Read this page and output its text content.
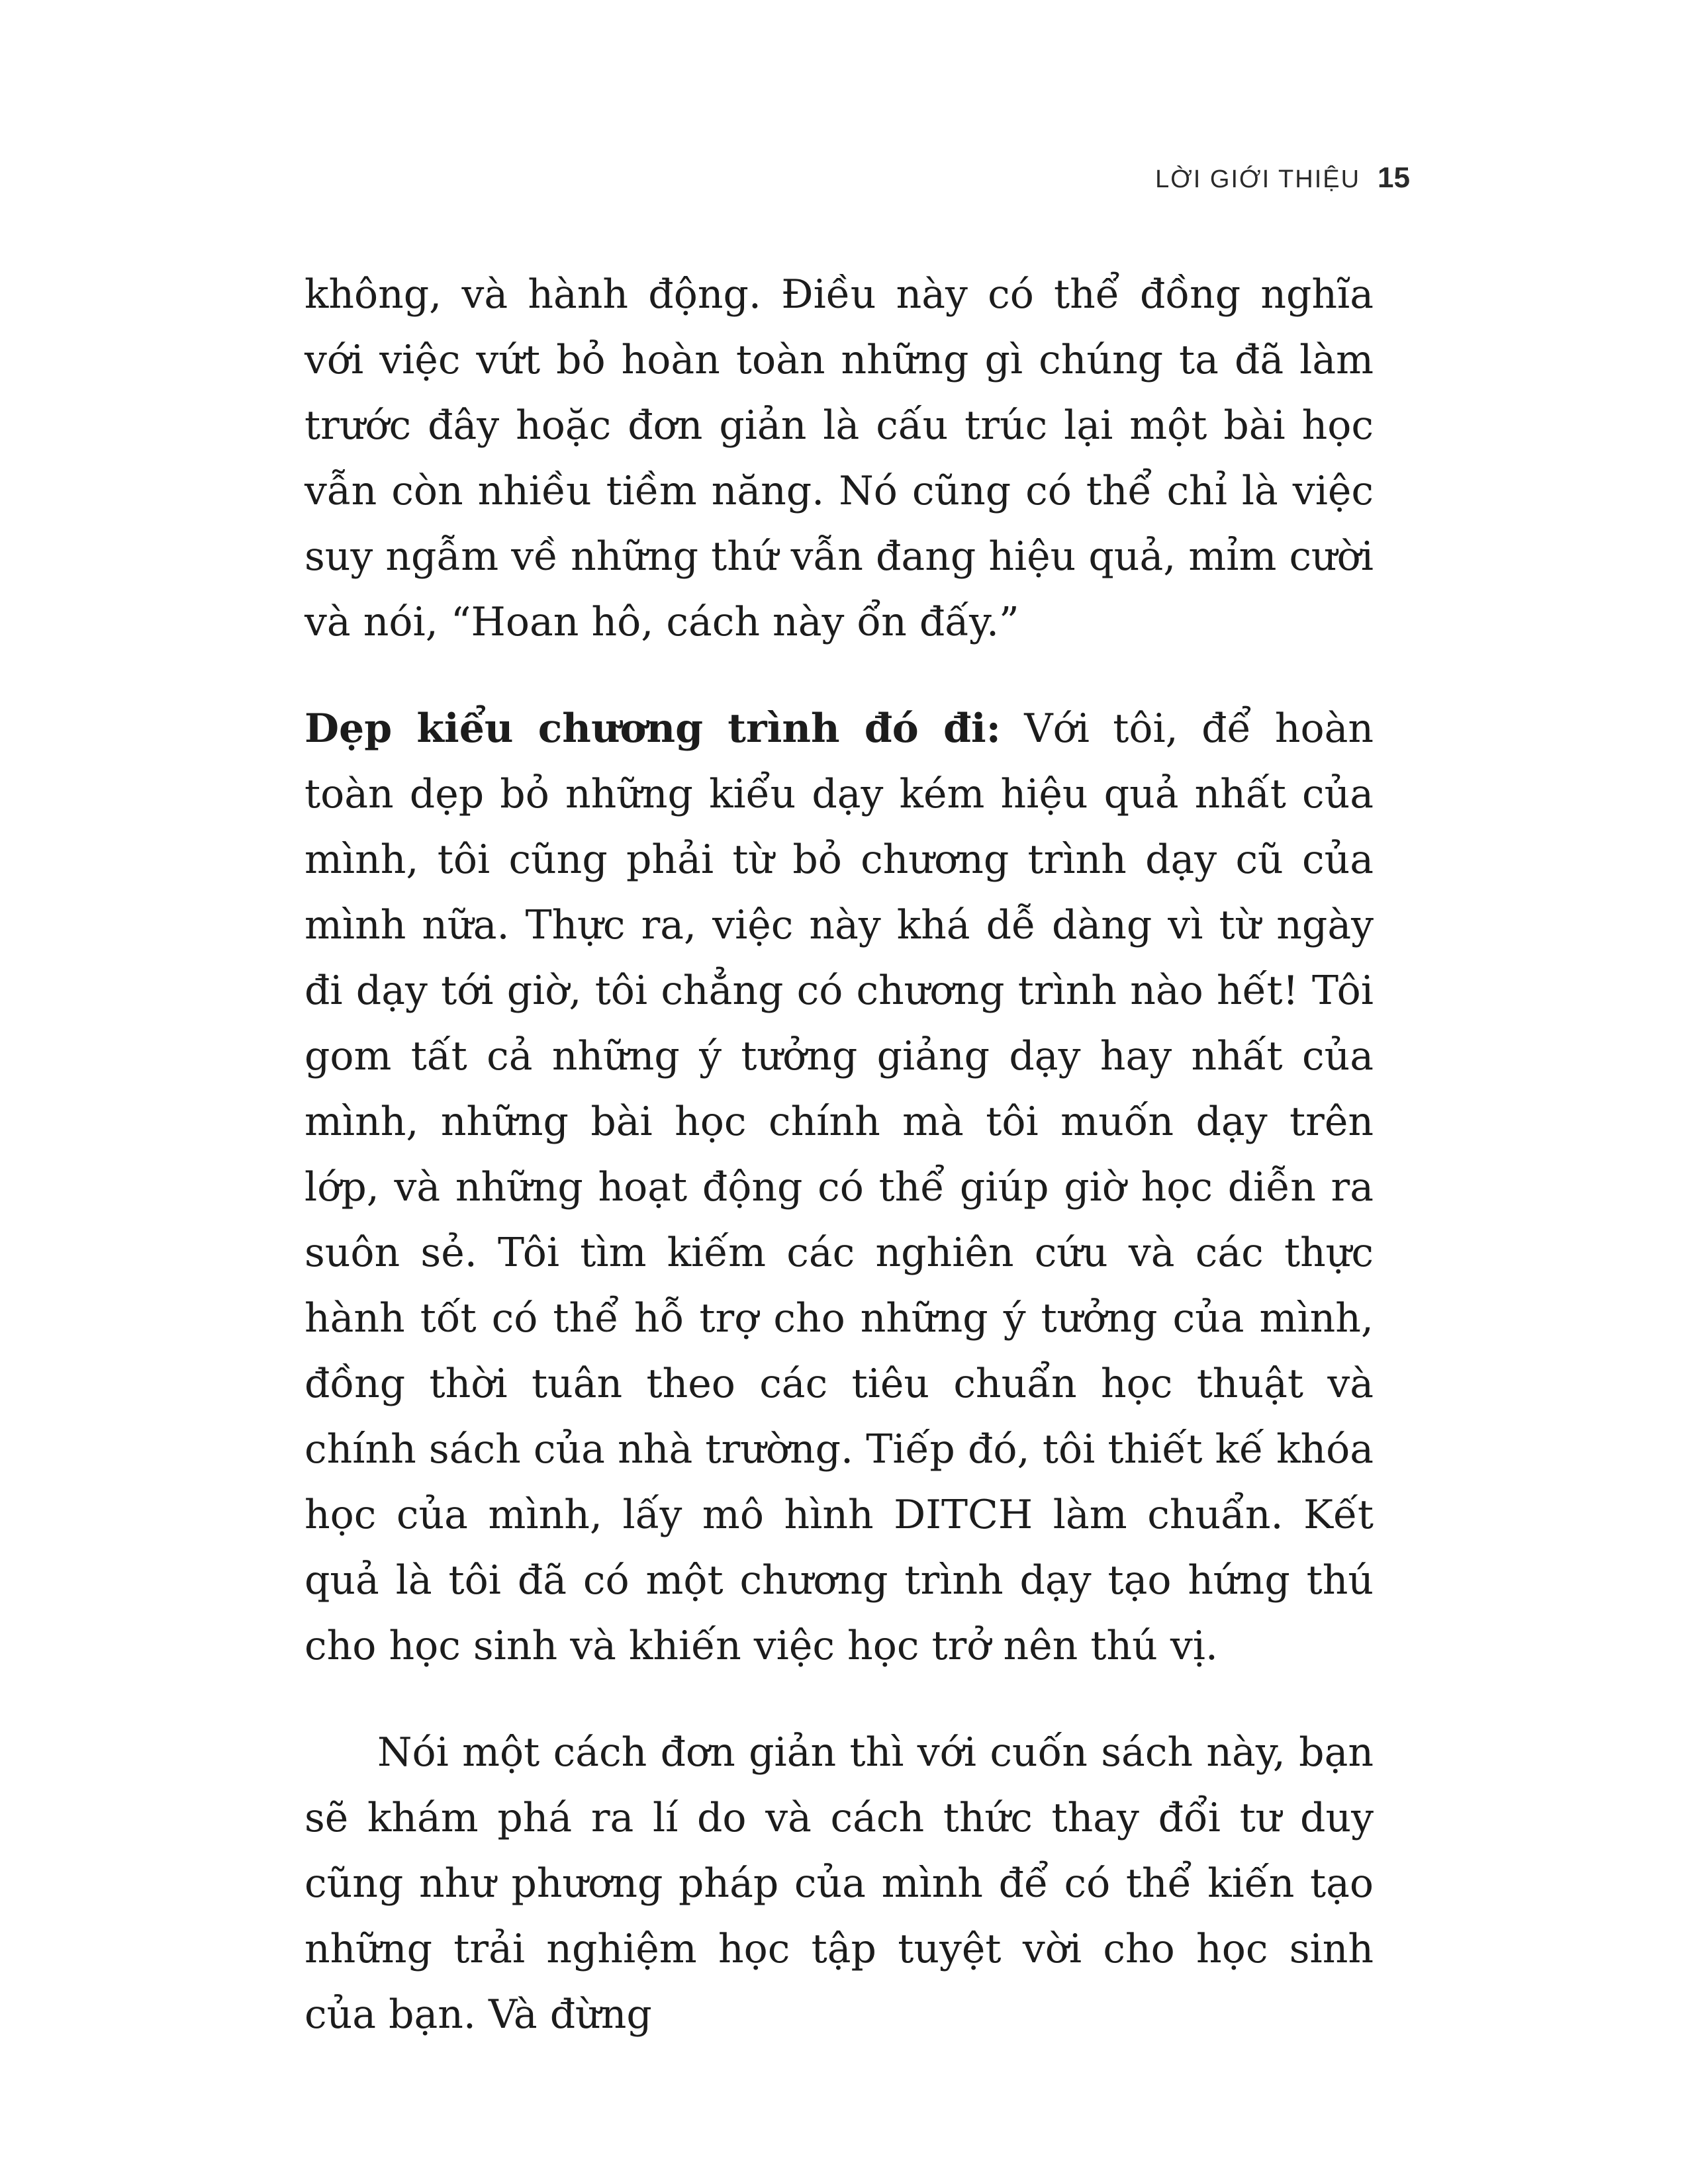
LỜI GIỚI THIỆU 15

không, và hành động. Điều này có thể đồng nghĩa với việc vứt bỏ hoàn toàn những gì chúng ta đã làm trước đây hoặc đơn giản là cấu trúc lại một bài học vẫn còn nhiều tiềm năng. Nó cũng có thể chỉ là việc suy ngẫm về những thứ vẫn đang hiệu quả, mỉm cười và nói, “Hoan hô, cách này ổn đấy.”

Dẹp kiểu chương trình đó đi: Với tôi, để hoàn toàn dẹp bỏ những kiểu dạy kém hiệu quả nhất của mình, tôi cũng phải từ bỏ chương trình dạy cũ của mình nữa. Thực ra, việc này khá dễ dàng vì từ ngày đi dạy tới giờ, tôi chẳng có chương trình nào hết! Tôi gom tất cả những ý tưởng giảng dạy hay nhất của mình, những bài học chính mà tôi muốn dạy trên lớp, và những hoạt động có thể giúp giờ học diễn ra suôn sẻ. Tôi tìm kiếm các nghiên cứu và các thực hành tốt có thể hỗ trợ cho những ý tưởng của mình, đồng thời tuân theo các tiêu chuẩn học thuật và chính sách của nhà trường. Tiếp đó, tôi thiết kế khóa học của mình, lấy mô hình DITCH làm chuẩn. Kết quả là tôi đã có một chương trình dạy tạo hứng thú cho học sinh và khiến việc học trở nên thú vị.

Nói một cách đơn giản thì với cuốn sách này, bạn sẽ khám phá ra lí do và cách thức thay đổi tư duy cũng như phương pháp của mình để có thể kiến tạo những trải nghiệm học tập tuyệt vời cho học sinh của bạn. Và đừng
